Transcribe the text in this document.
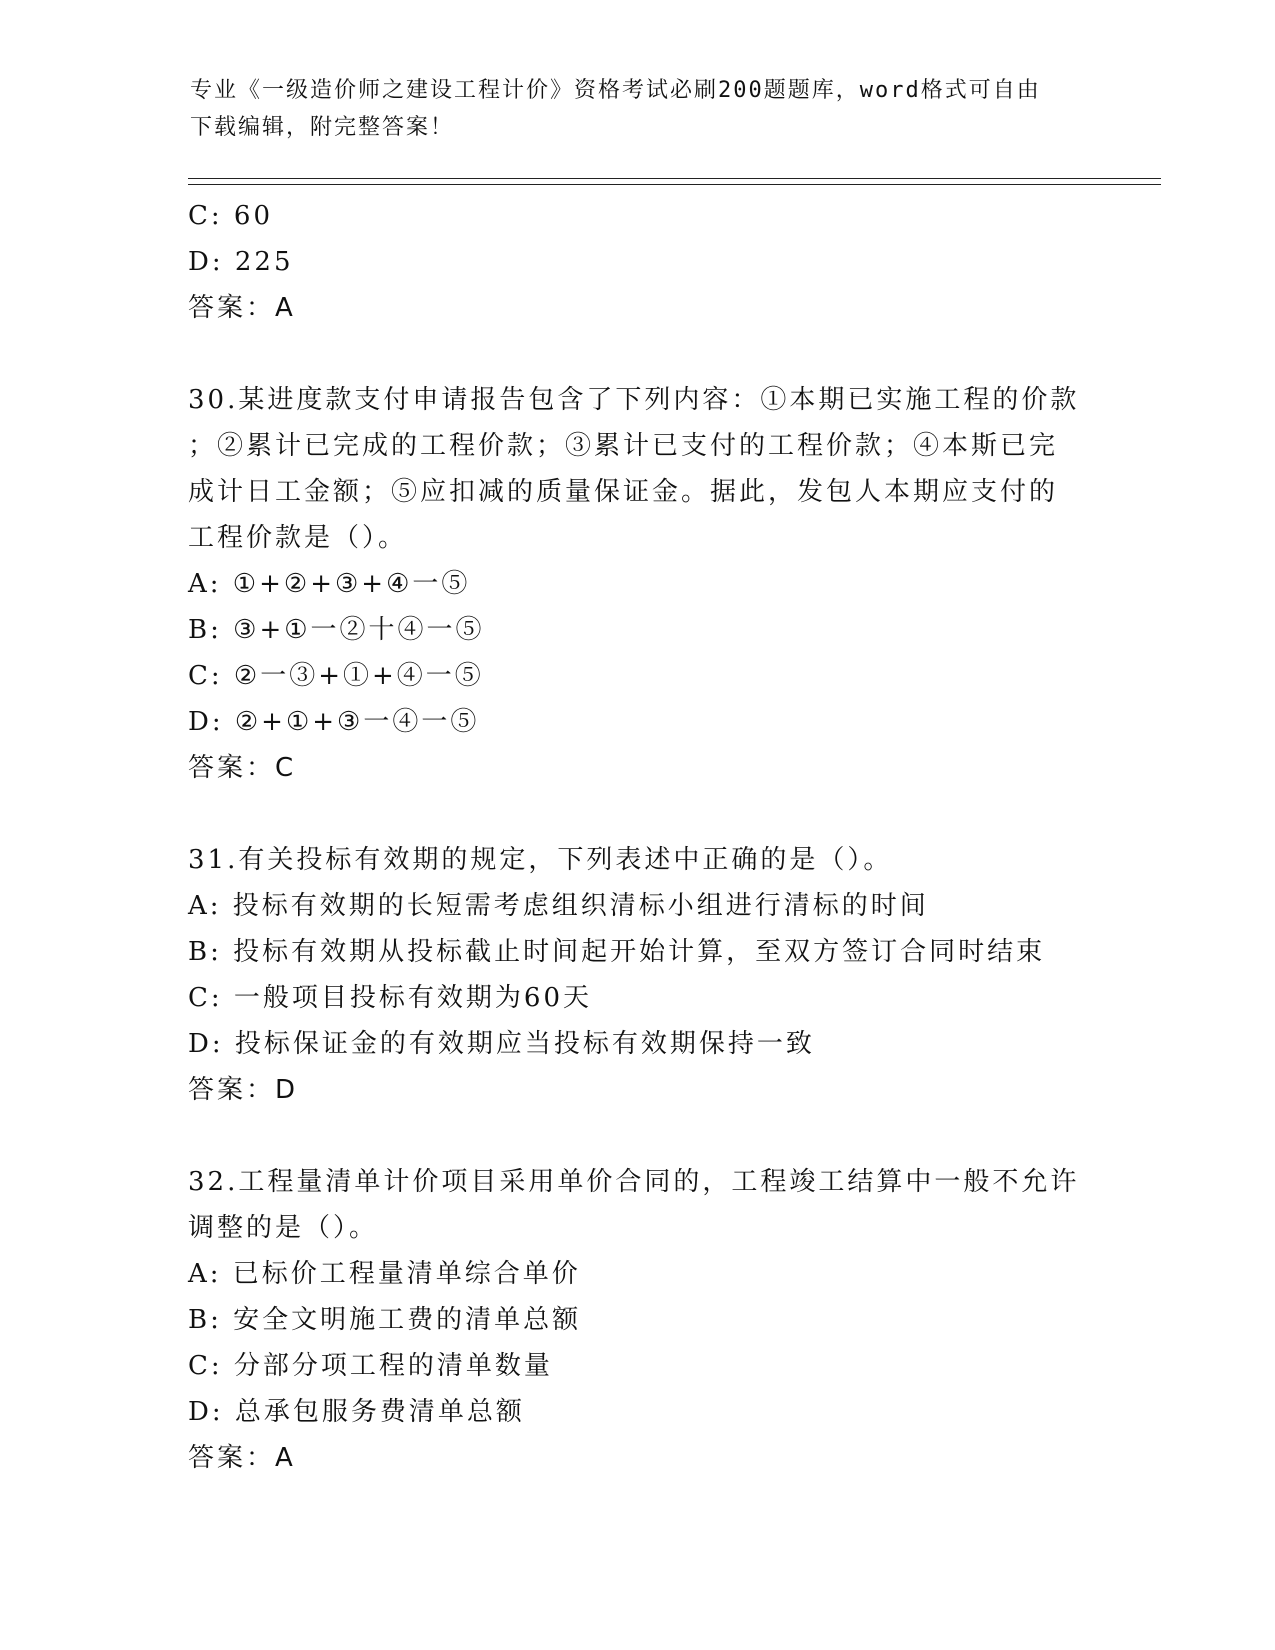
专业《一级造价师之建设工程计价》资格考试必刷200题题库，word格式可自由
下载编辑，附完整答案！
C: 60
D: 225
答案：A
30.某进度款支付申请报告包含了下列内容：①本期已实施工程的价款
；②累计已完成的工程价款；③累计已支付的工程价款；④本斯已完
成计日工金额；⑤应扣减的质量保证金。据此，发包人本期应支付的
工程价款是（）。
A: ①+②+③+④一⑤
B: ③+①一②十④一⑤
C: ②一③+①+④一⑤
D: ②+①+③一④一⑤
答案：C
31.有关投标有效期的规定，下列表述中正确的是（）。
A: 投标有效期的长短需考虑组织清标小组进行清标的时间
B: 投标有效期从投标截止时间起开始计算，至双方签订合同时结束
C: 一般项目投标有效期为60天
D: 投标保证金的有效期应当投标有效期保持一致
答案：D
32.工程量清单计价项目采用单价合同的，工程竣工结算中一般不允许
调整的是（）。
A: 已标价工程量清单综合单价
B: 安全文明施工费的清单总额
C: 分部分项工程的清单数量
D: 总承包服务费清单总额
答案：A
